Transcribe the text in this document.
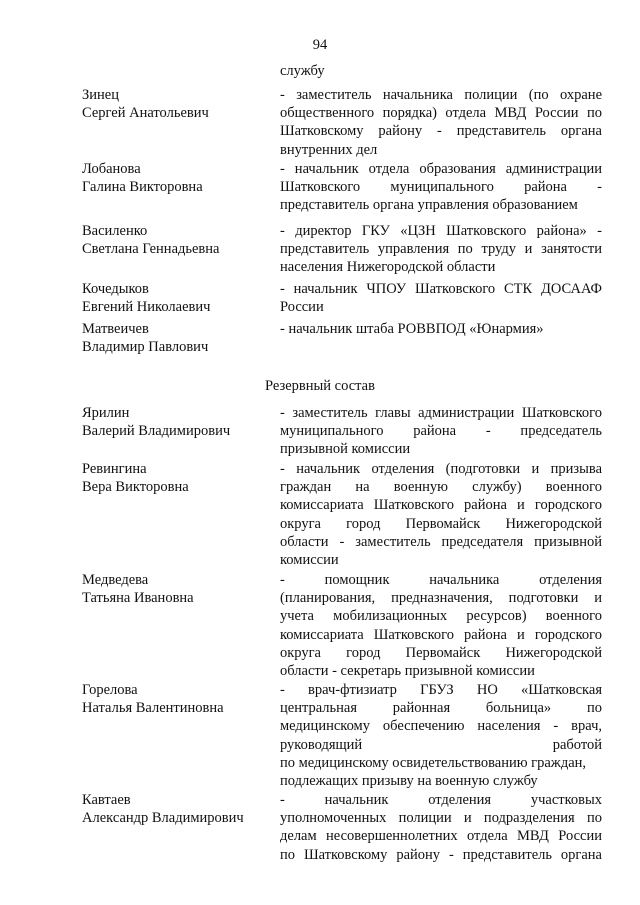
94
службу
Зинец
Сергей Анатольевич
- заместитель начальника полиции (по охране
общественного порядка) отдела МВД России по
Шатковскому району - представитель органа
внутренних дел
Лобанова
Галина Викторовна
- начальник отдела образования администрации
Шатковского муниципального района -
представитель органа управления образованием
Василенко
Светлана Геннадьевна
- директор ГКУ «ЦЗН Шатковского района» -
представитель управления по труду и занятости
населения Нижегородской области
Кочедыков
Евгений Николаевич
- начальник ЧПОУ Шатковского СТК ДОСААФ
России
Матвеичев
Владимир Павлович
- начальник штаба РОВВПОД «Юнармия»
Резервный состав
Ярилин
Валерий Владимирович
- заместитель главы администрации Шатковского
муниципального района - председатель
призывной комиссии
Ревингина
Вера Викторовна
- начальник отделения (подготовки и призыва
граждан на военную службу) военного
комиссариата Шатковского района и городского
округа город Первомайск Нижегородской
области - заместитель председателя призывной
комиссии
Медведева
Татьяна Ивановна
- помощник начальника отделения
(планирования, предназначения, подготовки и
учета мобилизационных ресурсов) военного
комиссариата Шатковского района и городского
округа город Первомайск Нижегородской
области - секретарь призывной комиссии
Горелова
Наталья Валентиновна
- врач-фтизиатр ГБУЗ НО «Шатковская
центральная районная больница» по
медицинскому обеспечению населения - врач,
руководящий работой
по медицинскому освидетельствованию граждан,
подлежащих призыву на военную службу
Кавтаев
Александр Владимирович
- начальник отделения участковых
уполномоченных полиции и подразделения по
делам несовершеннолетних отдела МВД России
по Шатковскому району - представитель органа
